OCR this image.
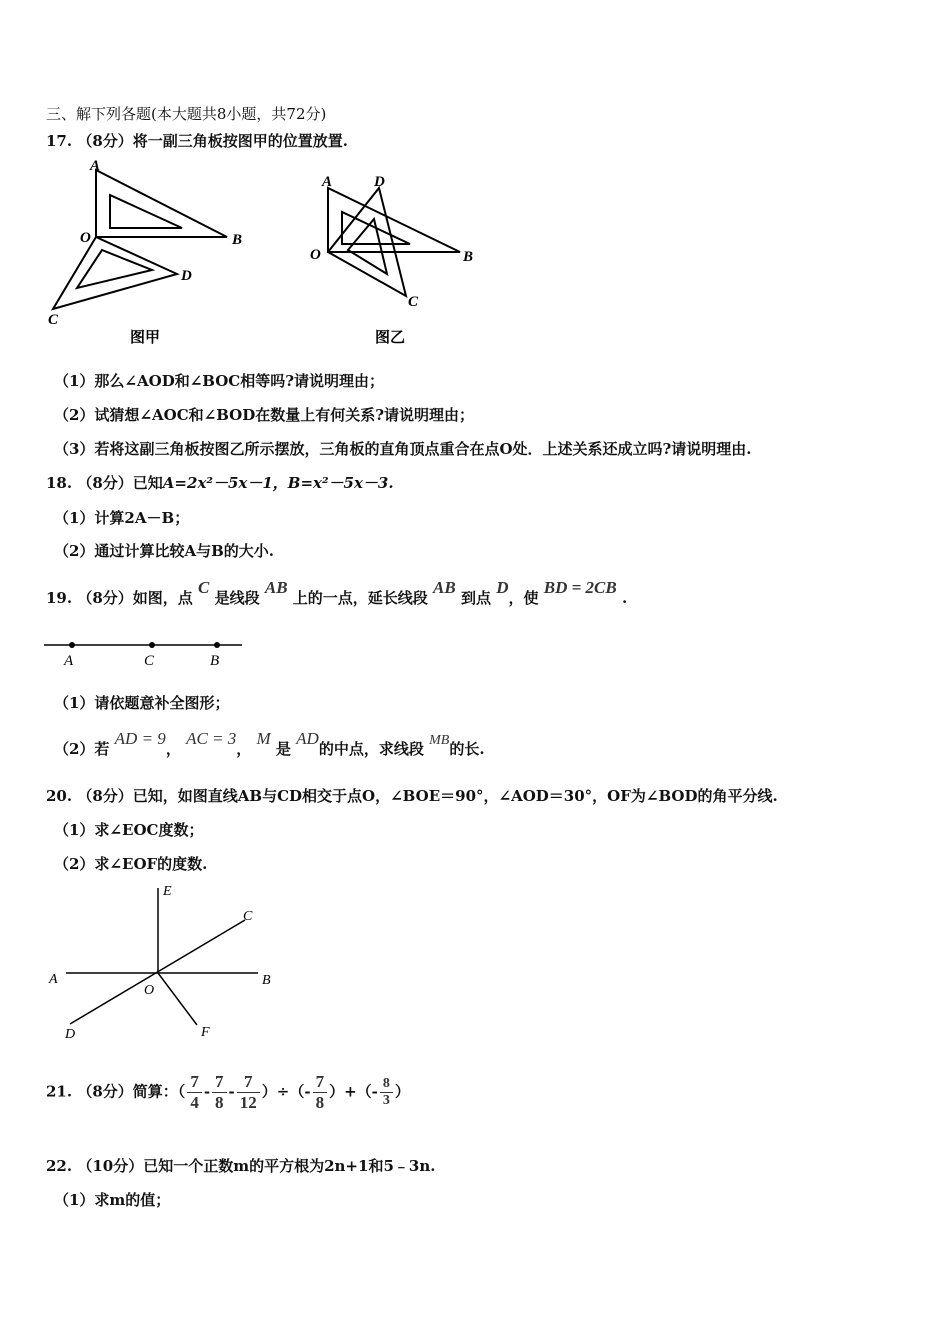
三、解下列各题(本大题共8小题，共72分)
17. （8分）将一副三角板按图甲的位置放置.
A
O	B
D
C
图甲
A	D
O	B
C
图乙
（1）那么∠AOD和∠BOC相等吗?请说明理由；
（2）试猜想∠AOC和∠BOD在数量上有何关系?请说明理由；
（3）若将这副三角板按图乙所示摆放，三角板的直角顶点重合在点O处．上述关系还成立吗?请说明理由.
18. （8分）已知A=2x²－5x－1，B=x²－5x－3.
（1）计算2A－B；
（2）通过计算比较A与B的大小.
19. （8分）如图，点 C 是线段 AB 上的一点，延长线段 AB 到点 D，使 BD = 2CB .
A	C	B
（1）请依题意补全图形；
（2）若 AD = 9， AC = 3， M 是 AD的中点，求线段 MB的长.
20. （8分）已知，如图直线AB与CD相交于点O，∠BOE＝90°，∠AOD＝30°，OF为∠BOD的角平分线.
（1）求∠EOC度数；
（2）求∠EOF的度数.
E
C
A
O
B
D	F
21. （8分）简算：（ $\frac{7}{4} - \frac{7}{8} - \frac{7}{12}$ ）÷（- $\frac{7}{8}$ ）+（- $\frac{8}{3}$ ）
22. （10分）已知一个正数m的平方根为2n+1和5﹣3n.
（1）求m的值；
